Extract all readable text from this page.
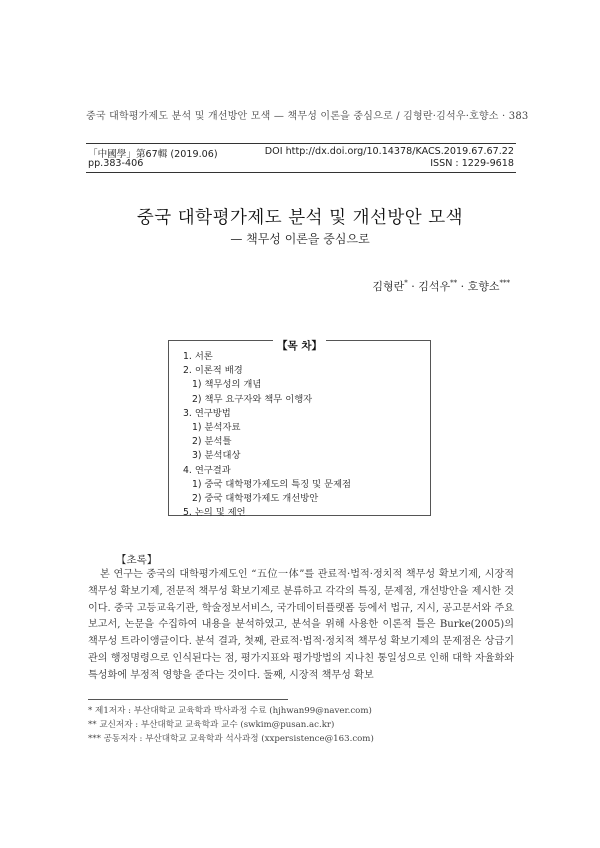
중국 대학평가제도 분석 및 개선방안 모색 — 책무성 이론을 중심으로 / 김형란·김석우·호향소 · 383
「中國學」第67輯 (2019.06)	DOI http://dx.doi.org/10.14378/KACS.2019.67.67.22
pp.383-406	ISSN : 1229-9618
중국 대학평가제도 분석 및 개선방안 모색
— 책무성 이론을 중심으로
김형란* · 김석우** · 호향소***
【목 차】
1. 서론
2. 이론적 배경
1) 책무성의 개념
2) 책무 요구자와 책무 이행자
3. 연구방법
1) 분석자료
2) 분석틀
3) 분석대상
4. 연구결과
1) 중국 대학평가제도의 특징 및 문제점
2) 중국 대학평가제도 개선방안
5. 논의 및 제언
【초록】

본 연구는 중국의 대학평가제도인 “五位一体”를 관료적·법적·정치적 책무성 확보기제, 시장적 책무성 확보기제, 전문적 책무성 확보기제로 분류하고 각각의 특징, 문제점, 개선방안을 제시한 것이다. 중국 고등교육기관, 학술정보서비스, 국가데이터플랫폼 등에서 법규, 지시, 공고문서와 주요보고서, 논문을 수집하여 내용을 분석하였고, 분석을 위해 사용한 이론적 틀은 Burke(2005)의 책무성 트라이앵글이다. 분석 결과, 첫째, 관료적·법적·정치적 책무성 확보기제의 문제점은 상급기관의 행정명령으로 인식된다는 점, 평가지표와 평가방법의 지나친 통일성으로 인해 대학 자율화와 특성화에 부정적 영향을 준다는 것이다. 둘째, 시장적 책무성 확보

* 제1저자 : 부산대학교 교육학과 박사과정 수료 (hjhwan99@naver.com)
** 교신저자 : 부산대학교 교육학과 교수 (swkim@pusan.ac.kr)
*** 공동저자 : 부산대학교 교육학과 석사과정 (xxpersistence@163.com)
